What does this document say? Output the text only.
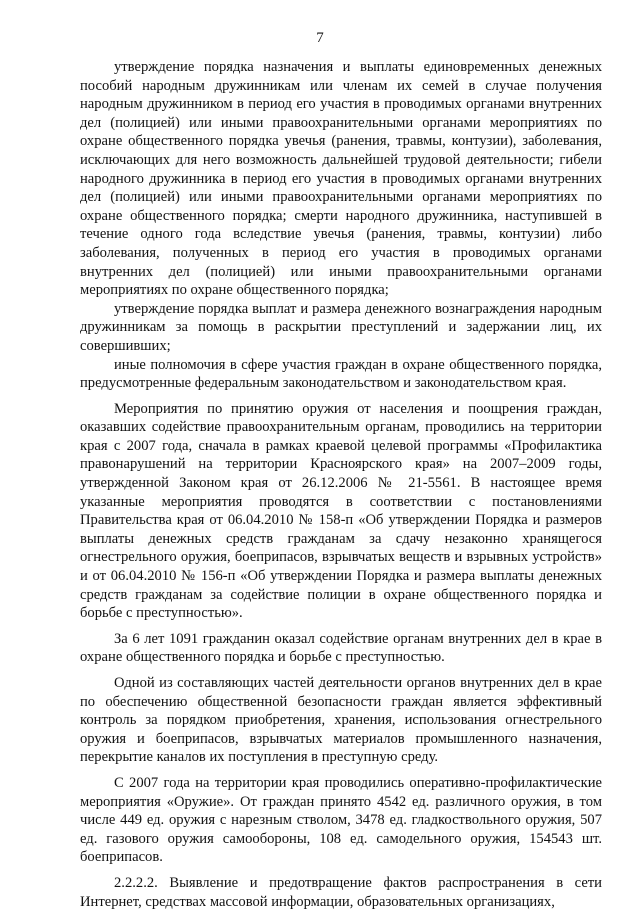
7

утверждение порядка назначения и выплаты единовременных денежных пособий народным дружинникам или членам их семей в случае получения народным дружинником в период его участия в проводимых органами внутренних дел (полицией) или иными правоохранительными органами мероприятиях по охране общественного порядка увечья (ранения, травмы, контузии), заболевания, исключающих для него возможность дальнейшей трудовой деятельности; гибели народного дружинника в период его участия в проводимых органами внутренних дел (полицией) или иными правоохранительными органами мероприятиях по охране общественного порядка; смерти народного дружинника, наступившей в течение одного года вследствие увечья (ранения, травмы, контузии) либо заболевания, полученных в период его участия в проводимых органами внутренних дел (полицией) или иными правоохранительными органами мероприятиях по охране общественного порядка;

утверждение порядка выплат и размера денежного вознаграждения народным дружинникам за помощь в раскрытии преступлений и задержании лиц, их совершивших;

иные полномочия в сфере участия граждан в охране общественного порядка, предусмотренные федеральным законодательством и законодательством края.

Мероприятия по принятию оружия от населения и поощрения граждан, оказавших содействие правоохранительным органам, проводились на территории края с 2007 года, сначала в рамках краевой целевой программы «Профилактика правонарушений на территории Красноярского края» на 2007–2009 годы, утвержденной Законом края от 26.12.2006 № 21-5561. В настоящее время указанные мероприятия проводятся в соответствии с постановлениями Правительства края от 06.04.2010 № 158-п «Об утверждении Порядка и размеров выплаты денежных средств гражданам за сдачу незаконно хранящегося огнестрельного оружия, боеприпасов, взрывчатых веществ и взрывных устройств» и от 06.04.2010 № 156-п «Об утверждении Порядка и размера выплаты денежных средств гражданам за содействие полиции в охране общественного порядка и борьбе с преступностью».

За 6 лет 1091 гражданин оказал содействие органам внутренних дел в крае в охране общественного порядка и борьбе с преступностью.

Одной из составляющих частей деятельности органов внутренних дел в крае по обеспечению общественной безопасности граждан является эффективный контроль за порядком приобретения, хранения, использования огнестрельного оружия и боеприпасов, взрывчатых материалов промышленного назначения, перекрытие каналов их поступления в преступную среду.

С 2007 года на территории края проводились оперативно-профилактические мероприятия «Оружие». От граждан принято 4542 ед. различного оружия, в том числе 449 ед. оружия с нарезным стволом, 3478 ед. гладкоствольного оружия, 507 ед. газового оружия самообороны, 108 ед. самодельного оружия, 154543 шт. боеприпасов.

2.2.2.2. Выявление и предотвращение фактов распространения в сети Интернет, средствах массовой информации, образовательных организациях,
